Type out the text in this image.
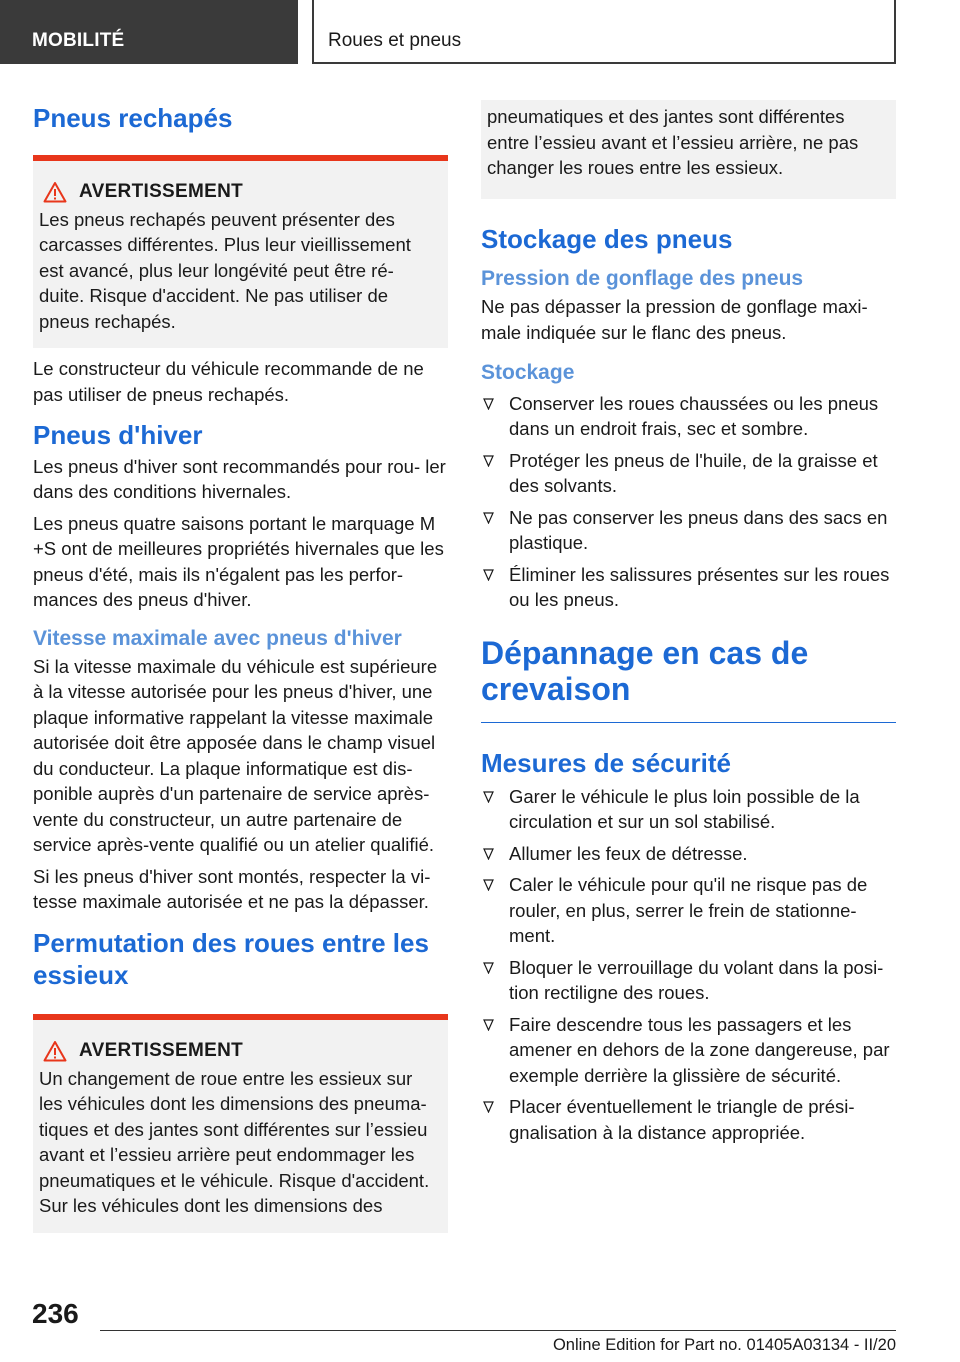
MOBILITÉ	Roues et pneus
Pneus rechapés
AVERTISSEMENT

Les pneus rechapés peuvent présenter des carcasses différentes. Plus leur vieillissement est avancé, plus leur longévité peut être ré- duite. Risque d'accident. Ne pas utiliser de pneus rechapés.

Le constructeur du véhicule recommande de ne pas utiliser de pneus rechapés.

Pneus d'hiver

Les pneus d'hiver sont recommandés pour rou- ler dans des conditions hivernales.

Les pneus quatre saisons portant le marquage M +S ont de meilleures propriétés hivernales que les pneus d'été, mais ils n'égalent pas les perfor- mances des pneus d'hiver.

Vitesse maximale avec pneus d'hiver

Si la vitesse maximale du véhicule est supérieure à la vitesse autorisée pour les pneus d'hiver, une plaque informative rappelant la vitesse maximale autorisée doit être apposée dans le champ visuel du conducteur. La plaque informatique est dis- ponible auprès d'un partenaire de service après- vente du constructeur, un autre partenaire de service après-vente qualifié ou un atelier qualifié.

Si les pneus d'hiver sont montés, respecter la vi- tesse maximale autorisée et ne pas la dépasser.

Permutation des roues entre les essieux
AVERTISSEMENT

Un changement de roue entre les essieux sur les véhicules dont les dimensions des pneuma- tiques et des jantes sont différentes sur l’essieu avant et l’essieu arrière peut endommager les pneumatiques et le véhicule. Risque d'accident. Sur les véhicules dont les dimensions des

pneumatiques et des jantes sont différentes entre l’essieu avant et l’essieu arrière, ne pas changer les roues entre les essieux.

Stockage des pneus
Pression de gonflage des pneus

Ne pas dépasser la pression de gonflage maxi- male indiquée sur le flanc des pneus.

Stockage
Conserver les roues chaussées ou les pneus dans un endroit frais, sec et sombre.
Protéger les pneus de l'huile, de la graisse et des solvants.
Ne pas conserver les pneus dans des sacs en plastique.
Éliminer les salissures présentes sur les roues ou les pneus.
Dépannage en cas de crevaison
Mesures de sécurité
Garer le véhicule le plus loin possible de la circulation et sur un sol stabilisé.
Allumer les feux de détresse.
Caler le véhicule pour qu'il ne risque pas de rouler, en plus, serrer le frein de stationne- ment.
Bloquer le verrouillage du volant dans la posi- tion rectiligne des roues.
Faire descendre tous les passagers et les amener en dehors de la zone dangereuse, par exemple derrière la glissière de sécurité.
Placer éventuellement le triangle de prési- gnalisation à la distance appropriée.
236
Online Edition for Part no. 01405A03134 - II/20
